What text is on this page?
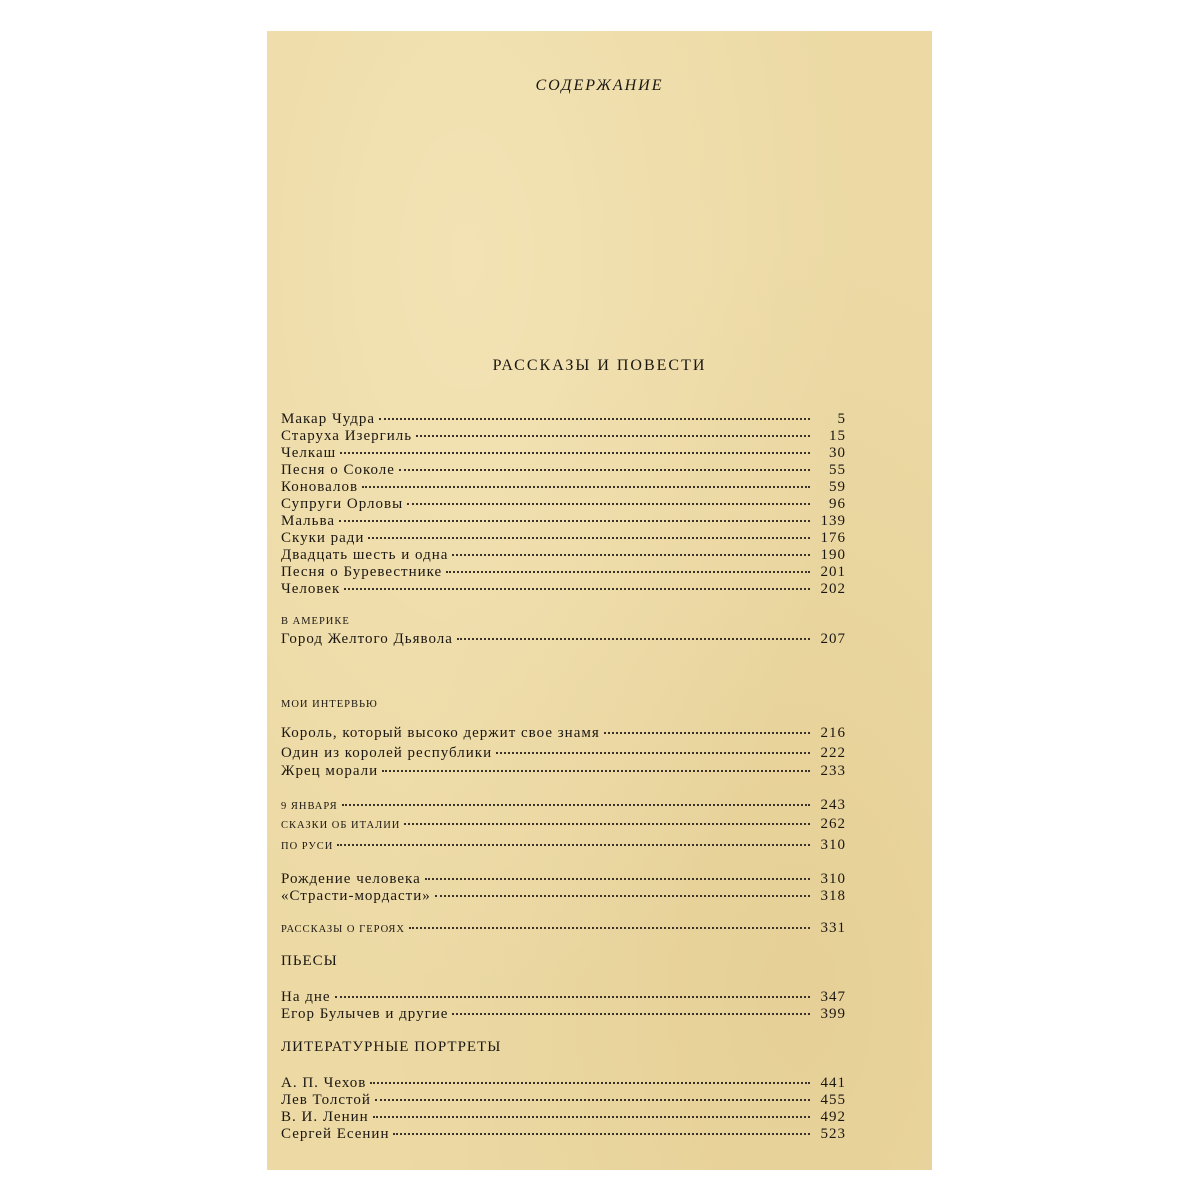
СОДЕРЖАНИЕ
РАССКАЗЫ И ПОВЕСТИ
Макар Чудра	5
Старуха Изергиль	15
Челкаш	30
Песня о Соколе	55
Коновалов	59
Супруги Орловы	96
Мальва	139
Скуки ради	176
Двадцать шесть и одна	190
Песня о Буревестнике	201
Человек	202
В АМЕРИКЕ
Город Желтого Дьявола	207
МОИ ИНТЕРВЬЮ
Король, который высоко держит свое знамя	216
Один из королей республики	222
Жрец морали	233
9 ЯНВАРЯ	243
СКАЗКИ ОБ ИТАЛИИ	262
ПО РУСИ	310
Рождение человека	310
«Страсти-мордасти»	318
РАССКАЗЫ О ГЕРОЯХ	331
ПЬЕСЫ
На дне	347
Егор Булычев и другие	399
ЛИТЕРАТУРНЫЕ ПОРТРЕТЫ
А. П. Чехов	441
Лев Толстой	455
В. И. Ленин	492
Сергей Есенин	523
